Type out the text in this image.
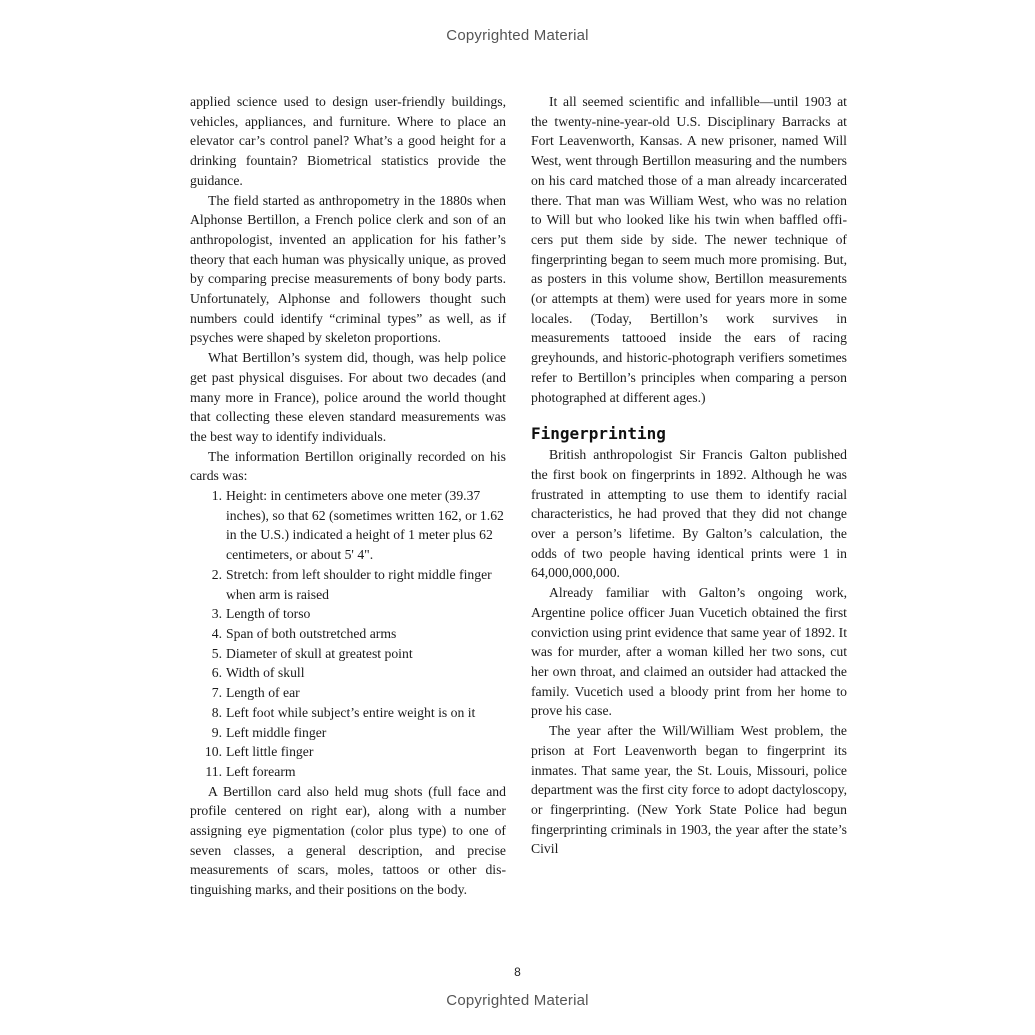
Copyrighted Material

applied science used to design user-friendly buildings, vehicles, appliances, and furniture. Where to place an elevator car’s control panel? What’s a good height for a drinking fountain? Biometrical statistics provide the guidance.

The field started as anthropometry in the 1880s when Alphonse Bertillon, a French police clerk and son of an anthropologist, invented an application for his father’s theory that each human was physically unique, as proved by comparing precise measurements of bony body parts. Unfortunately, Alphonse and followers thought such numbers could identify “criminal types” as well, as if psyches were shaped by skeleton proportions.

What Bertillon’s system did, though, was help police get past physical disguises. For about two decades (and many more in France), police around the world thought that collecting these eleven standard measurements was the best way to identify individuals.

The information Bertillon originally recorded on his cards was:

1. Height: in centimeters above one meter (39.37 inches), so that 62 (sometimes written 162, or 1.62 in the U.S.) indicated a height of 1 meter plus 62 centimeters, or about 5' 4".
2. Stretch: from left shoulder to right middle finger when arm is raised
3. Length of torso
4. Span of both outstretched arms
5. Diameter of skull at greatest point
6. Width of skull
7. Length of ear
8. Left foot while subject’s entire weight is on it
9. Left middle finger
10. Left little finger
11. Left forearm

A Bertillon card also held mug shots (full face and profile centered on right ear), along with a number assigning eye pigmentation (color plus type) to one of seven classes, a general description, and precise measurements of scars, moles, tattoos or other distinguishing marks, and their positions on the body.

It all seemed scientific and infallible—until 1903 at the twenty-nine-year-old U.S. Disciplinary Barracks at Fort Leavenworth, Kansas. A new prisoner, named Will West, went through Bertillon measuring and the numbers on his card matched those of a man already incarcerated there. That man was William West, who was no relation to Will but who looked like his twin when baffled officers put them side by side. The newer technique of fingerprinting began to seem much more promising. But, as posters in this volume show, Bertillon measurements (or attempts at them) were used for years more in some locales. (Today, Bertillon’s work survives in measurements tattooed inside the ears of racing greyhounds, and historic-photograph verifiers sometimes refer to Bertillon’s principles when comparing a person photographed at different ages.)

Fingerprinting

British anthropologist Sir Francis Galton published the first book on fingerprints in 1892. Although he was frustrated in attempting to use them to identify racial characteristics, he had proved that they did not change over a person’s lifetime. By Galton’s calculation, the odds of two people having identical prints were 1 in 64,000,000,000.

Already familiar with Galton’s ongoing work, Argentine police officer Juan Vucetich obtained the first conviction using print evidence that same year of 1892. It was for murder, after a woman killed her two sons, cut her own throat, and claimed an outsider had attacked the family. Vucetich used a bloody print from her home to prove his case.

The year after the Will/William West problem, the prison at Fort Leavenworth began to fingerprint its inmates. That same year, the St. Louis, Missouri, police department was the first city force to adopt dactyloscopy, or fingerprinting. (New York State Police had begun fingerprinting criminals in 1903, the year after the state’s Civil

8
Copyrighted Material
